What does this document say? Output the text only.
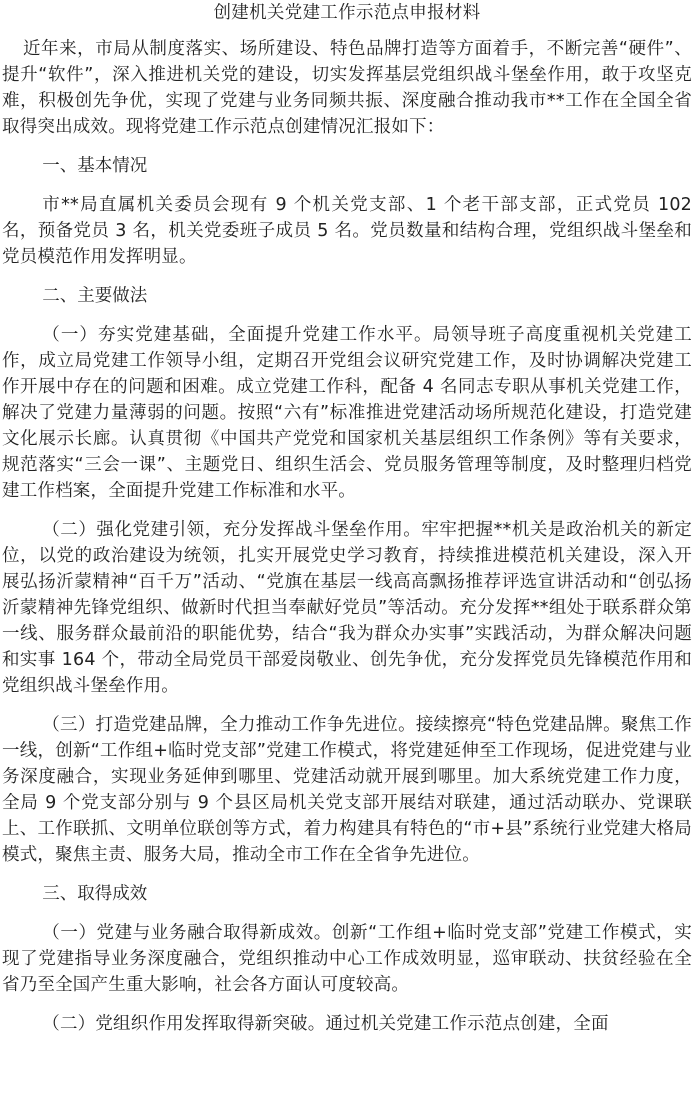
创建机关党建工作示范点申报材料
近年来，市局从制度落实、场所建设、特色品牌打造等方面着手，不断完善“硬件”、提升“软件”，深入推进机关党的建设，切实发挥基层党组织战斗堡垒作用，敢于攻坚克难，积极创先争优，实现了党建与业务同频共振、深度融合推动我市**工作在全国全省取得突出成效。现将党建工作示范点创建情况汇报如下：
一、基本情况
市**局直属机关委员会现有 9 个机关党支部、1 个老干部支部，正式党员 102 名，预备党员 3 名，机关党委班子成员 5 名。党员数量和结构合理，党组织战斗堡垒和党员模范作用发挥明显。
二、主要做法
（一）夯实党建基础，全面提升党建工作水平。局领导班子高度重视机关党建工作，成立局党建工作领导小组，定期召开党组会议研究党建工作，及时协调解决党建工作开展中存在的问题和困难。成立党建工作科，配备 4 名同志专职从事机关党建工作，解决了党建力量薄弱的问题。按照“六有”标准推进党建活动场所规范化建设，打造党建文化展示长廊。认真贯彻《中国共产党党和国家机关基层组织工作条例》等有关要求，规范落实“三会一课”、主题党日、组织生活会、党员服务管理等制度，及时整理归档党建工作档案，全面提升党建工作标准和水平。
（二）强化党建引领，充分发挥战斗堡垒作用。牢牢把握**机关是政治机关的新定位，以党的政治建设为统领，扎实开展党史学习教育，持续推进模范机关建设，深入开展弘扬沂蒙精神“百千万”活动、“党旗在基层一线高高飘扬推荐评选宣讲活动和“创弘扬沂蒙精神先锋党组织、做新时代担当奉献好党员”等活动。充分发挥**组处于联系群众第一线、服务群众最前沿的职能优势，结合“我为群众办实事”实践活动，为群众解决问题和实事 164 个，带动全局党员干部爱岗敬业、创先争优，充分发挥党员先锋模范作用和党组织战斗堡垒作用。
（三）打造党建品牌，全力推动工作争先进位。接续擦亮“特色党建品牌。聚焦工作一线，创新“工作组+临时党支部”党建工作模式，将党建延伸至工作现场，促进党建与业务深度融合，实现业务延伸到哪里、党建活动就开展到哪里。加大系统党建工作力度，全局 9 个党支部分别与 9 个县区局机关党支部开展结对联建，通过活动联办、党课联上、工作联抓、文明单位联创等方式，着力构建具有特色的“市+县”系统行业党建大格局模式，聚焦主责、服务大局，推动全市工作在全省争先进位。
三、取得成效
（一）党建与业务融合取得新成效。创新“工作组+临时党支部”党建工作模式，实现了党建指导业务深度融合，党组织推动中心工作成效明显，巡审联动、扶贫经验在全省乃至全国产生重大影响，社会各方面认可度较高。
（二）党组织作用发挥取得新突破。通过机关党建工作示范点创建，全面
